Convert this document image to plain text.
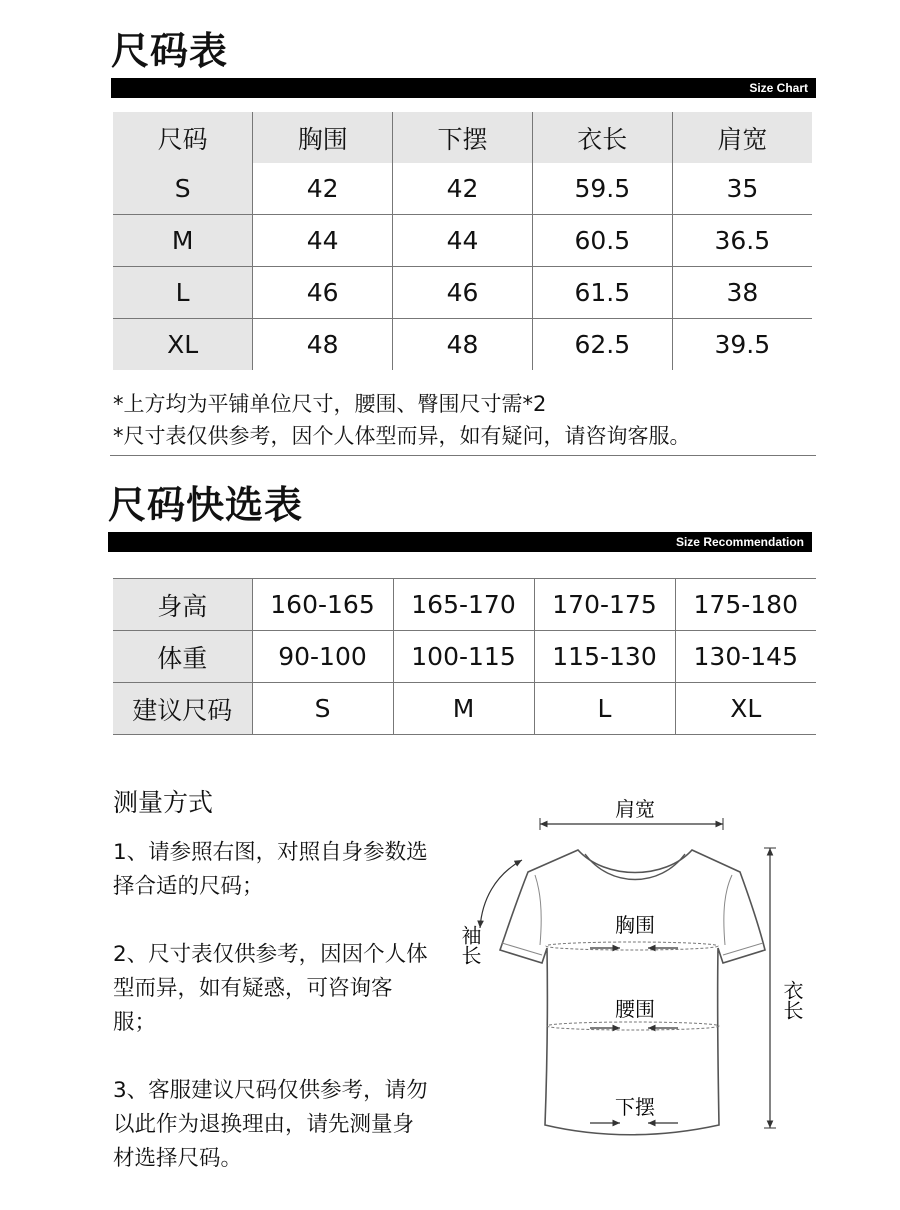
尺码表
Size Chart
尺码	胸围	下摆	衣长	肩宽
S	42	42	59.5	35
M	44	44	60.5	36.5
L	46	46	61.5	38
XL	48	48	62.5	39.5
*上方均为平铺单位尺寸，腰围、臀围尺寸需*2
*尺寸表仅供参考，因个人体型而异，如有疑问，请咨询客服。
尺码快选表
Size Recommendation
身高	160-165	165-170	170-175	175-180
体重	90-100	100-115	115-130	130-145
建议尺码	S	M	L	XL
测量方式

1、请参照右图，对照自身参数选择合适的尺码；

2、尺寸表仅供参考，因因个人体型而异，如有疑惑，可咨询客服；

3、客服建议尺码仅供参考，请勿以此作为退换理由，请先测量身材选择尺码。

肩宽
胸围
腰围
下摆
衣长
袖长
